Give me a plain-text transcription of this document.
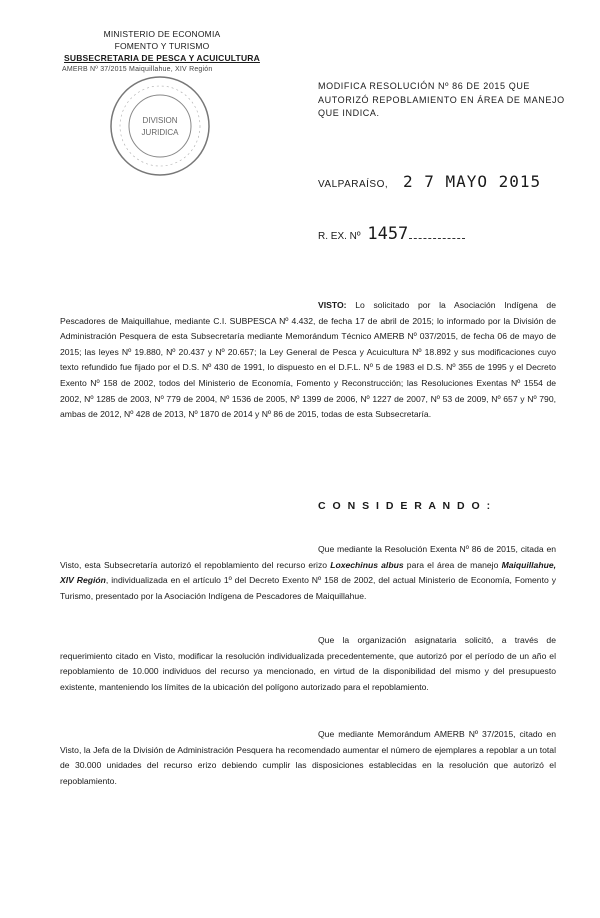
MINISTERIO DE ECONOMIA
FOMENTO Y TURISMO
SUBSECRETARIA DE PESCA Y ACUICULTURA
AMERB Nº 37/2015 Maiquillahue, XIV Región
DIVISION
JURIDICA
MODIFICA RESOLUCIÓN Nº 86 DE 2015 QUE AUTORIZÓ REPOBLAMIENTO EN ÁREA DE MANEJO QUE INDICA.
VALPARAÍSO, 2 7 MAYO 2015
R. EX. Nº 1457
VISTO: Lo solicitado por la Asociación Indígena de Pescadores de Maiquillahue, mediante C.I. SUBPESCA Nº 4.432, de fecha 17 de abril de 2015; lo informado por la División de Administración Pesquera de esta Subsecretaría mediante Memorándum Técnico AMERB Nº 037/2015, de fecha 06 de mayo de 2015; las leyes Nº 19.880, Nº 20.437 y Nº 20.657; la Ley General de Pesca y Acuicultura Nº 18.892 y sus modificaciones cuyo texto refundido fue fijado por el D.S. Nº 430 de 1991, lo dispuesto en el D.F.L. Nº 5 de 1983 el D.S. Nº 355 de 1995 y el Decreto Exento Nº 158 de 2002, todos del Ministerio de Economía, Fomento y Reconstrucción; las Resoluciones Exentas Nº 1554 de 2002, Nº 1285 de 2003, Nº 779 de 2004, Nº 1536 de 2005, Nº 1399 de 2006, Nº 1227 de 2007, Nº 53 de 2009, Nº 657 y Nº 790, ambas de 2012, Nº 428 de 2013, Nº 1870 de 2014 y Nº 86 de 2015, todas de esta Subsecretaría.
C O N S I D E R A N D O :
Que mediante la Resolución Exenta Nº 86 de 2015, citada en Visto, esta Subsecretaría autorizó el repoblamiento del recurso erizo Loxechinus albus para el área de manejo Maiquillahue, XIV Región, individualizada en el artículo 1º del Decreto Exento Nº 158 de 2002, del actual Ministerio de Economía, Fomento y Turismo, presentado por la Asociación Indígena de Pescadores de Maiquillahue.
Que la organización asignataria solicitó, a través de requerimiento citado en Visto, modificar la resolución individualizada precedentemente, que autorizó por el período de un año el repoblamiento de 10.000 individuos del recurso ya mencionado, en virtud de la disponibilidad del mismo y del presupuesto existente, manteniendo los límites de la ubicación del polígono autorizado para el repoblamiento.
Que mediante Memorándum AMERB Nº 37/2015, citado en Visto, la Jefa de la División de Administración Pesquera ha recomendado aumentar el número de ejemplares a repoblar a un total de 30.000 unidades del recurso erizo debiendo cumplir las disposiciones establecidas en la resolución que autorizó el repoblamiento.
